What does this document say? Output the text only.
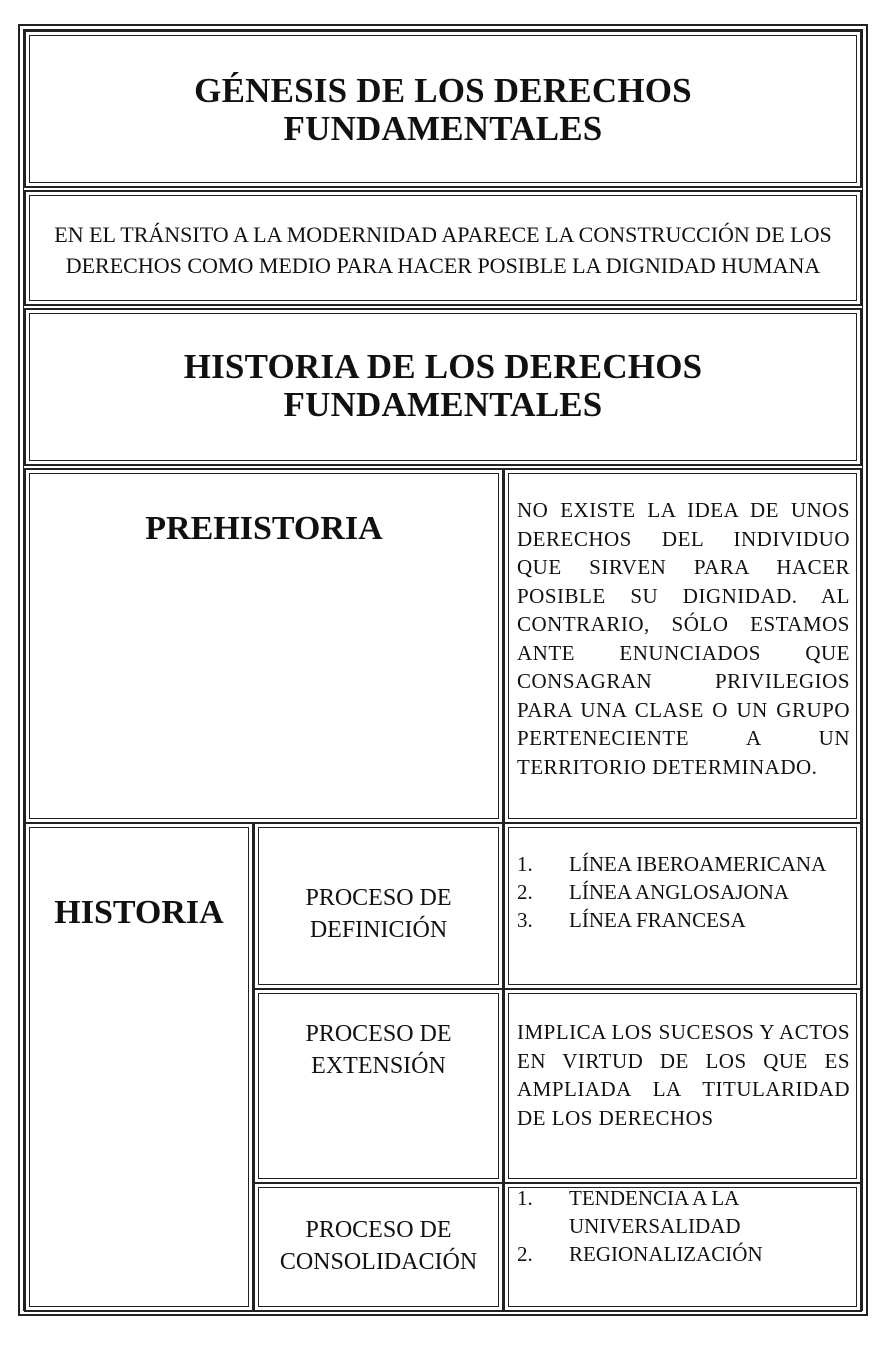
GÉNESIS DE LOS DERECHOS FUNDAMENTALES
EN EL TRÁNSITO A LA MODERNIDAD APARECE LA CONSTRUCCIÓN DE LOS DERECHOS COMO MEDIO PARA HACER POSIBLE LA DIGNIDAD HUMANA
HISTORIA DE LOS DERECHOS FUNDAMENTALES
PREHISTORIA	NO EXISTE LA IDEA DE UNOS DERECHOS DEL INDIVIDUO QUE SIRVEN PARA HACER POSIBLE SU DIGNIDAD. AL CONTRARIO, SÓLO ESTAMOS ANTE ENUNCIADOS QUE CONSAGRAN PRIVILEGIOS PARA UNA CLASE O UN GRUPO PERTENECIENTE A UN TERRITORIO DETERMINADO.
HISTORIA	PROCESO DE
DEFINICIÓN
1. LÍNEA IBEROAMERICANA
2. LÍNEA ANGLOSAJONA
3. LÍNEA FRANCESA
PROCESO DE
EXTENSIÓN
IMPLICA LOS SUCESOS Y ACTOS EN VIRTUD DE LOS QUE ES AMPLIADA LA TITULARIDAD DE LOS DERECHOS
PROCESO DE
CONSOLIDACIÓN
1. TENDENCIA A LA UNIVERSALIDAD
2. REGIONALIZACIÓN
